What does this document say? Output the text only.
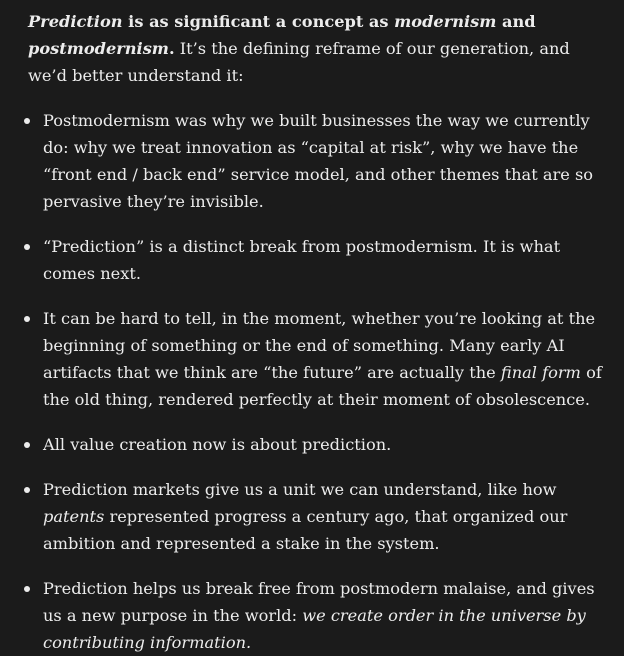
Prediction is as significant a concept as modernism and postmodernism. It’s the defining reframe of our generation, and we’d better understand it:

Postmodernism was why we built businesses the way we currently do: why we treat innovation as “capital at risk”, why we have the “front end / back end” service model, and other themes that are so pervasive they’re invisible.
“Prediction” is a distinct break from postmodernism. It is what comes next.
It can be hard to tell, in the moment, whether you’re looking at the beginning of something or the end of something. Many early AI artifacts that we think are “the future” are actually the final form of the old thing, rendered perfectly at their moment of obsolescence.
All value creation now is about prediction.
Prediction markets give us a unit we can understand, like how patents represented progress a century ago, that organized our ambition and represented a stake in the system.
Prediction helps us break free from postmodern malaise, and gives us a new purpose in the world: we create order in the universe by contributing information.
